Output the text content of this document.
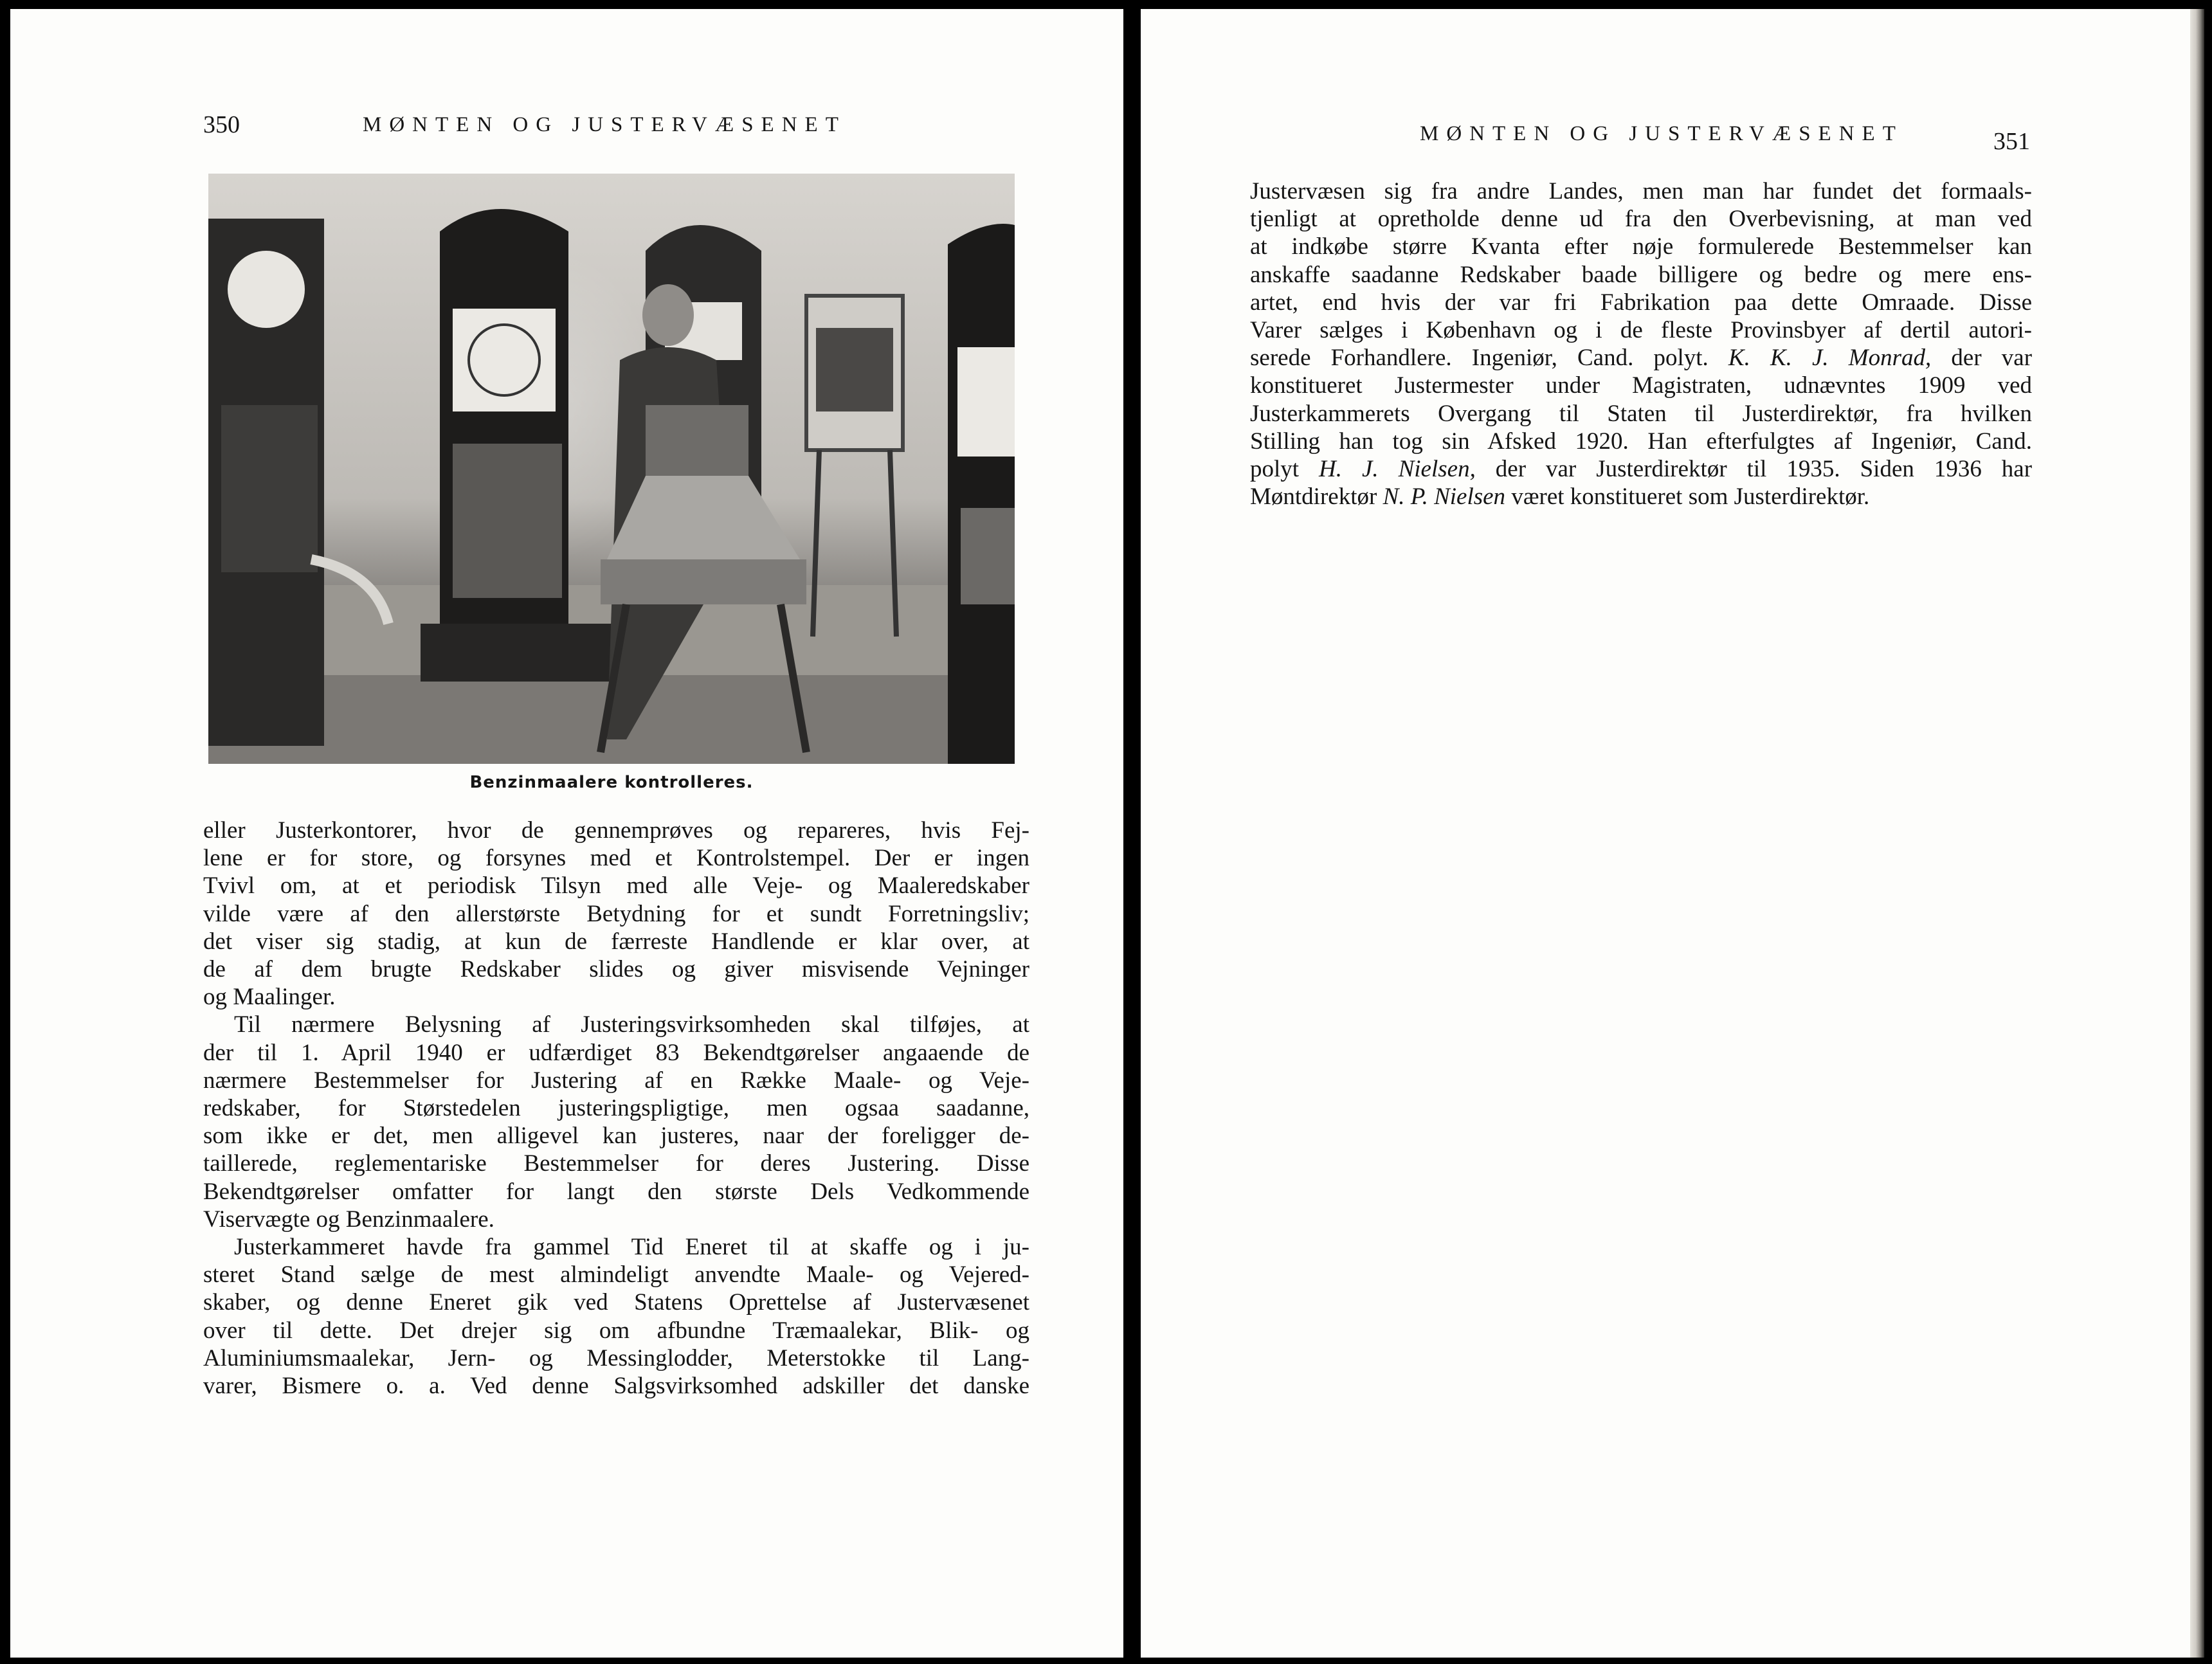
350	MØNTEN OG JUSTERVÆSENET
Benzinmaalere kontrolleres.
eller Justerkontorer, hvor de gennemprøves og repareres, hvis Fej-
lene er for store, og forsynes med et Kontrolstempel. Der er ingen
Tvivl om, at et periodisk Tilsyn med alle Veje- og Maaleredskaber
vilde være af den allerstørste Betydning for et sundt Forretningsliv;
det viser sig stadig, at kun de færreste Handlende er klar over, at
de af dem brugte Redskaber slides og giver misvisende Vejninger
og Maalinger.
Til nærmere Belysning af Justeringsvirksomheden skal tilføjes, at
der til 1. April 1940 er udfærdiget 83 Bekendtgørelser angaaende de
nærmere Bestemmelser for Justering af en Række Maale- og Veje-
redskaber, for Størstedelen justeringspligtige, men ogsaa saadanne,
som ikke er det, men alligevel kan justeres, naar der foreligger de-
taillerede, reglementariske Bestemmelser for deres Justering. Disse
Bekendtgørelser omfatter for langt den største Dels Vedkommende
Viservægte og Benzinmaalere.
Justerkammeret havde fra gammel Tid Eneret til at skaffe og i ju-
steret Stand sælge de mest almindeligt anvendte Maale- og Vejered-
skaber, og denne Eneret gik ved Statens Oprettelse af Justervæsenet
over til dette. Det drejer sig om afbundne Træmaalekar, Blik- og
Aluminiumsmaalekar, Jern- og Messinglodder, Meterstokke til Lang-
varer, Bismere o. a. Ved denne Salgsvirksomhed adskiller det danske
MØNTEN OG JUSTERVÆSENET	351
Justervæsen sig fra andre Landes, men man har fundet det formaals-
tjenligt at opretholde denne ud fra den Overbevisning, at man ved
at indkøbe større Kvanta efter nøje formulerede Bestemmelser kan
anskaffe saadanne Redskaber baade billigere og bedre og mere ens-
artet, end hvis der var fri Fabrikation paa dette Omraade. Disse
Varer sælges i København og i de fleste Provinsbyer af dertil autori-
serede Forhandlere. Ingeniør, Cand. polyt. K. K. J. Monrad, der var
konstitueret Justermester under Magistraten, udnævntes 1909 ved
Justerkammerets Overgang til Staten til Justerdirektør, fra hvilken
Stilling han tog sin Afsked 1920. Han efterfulgtes af Ingeniør, Cand.
polyt H. J. Nielsen, der var Justerdirektør til 1935. Siden 1936 har
Møntdirektør N. P. Nielsen været konstitueret som Justerdirektør.
